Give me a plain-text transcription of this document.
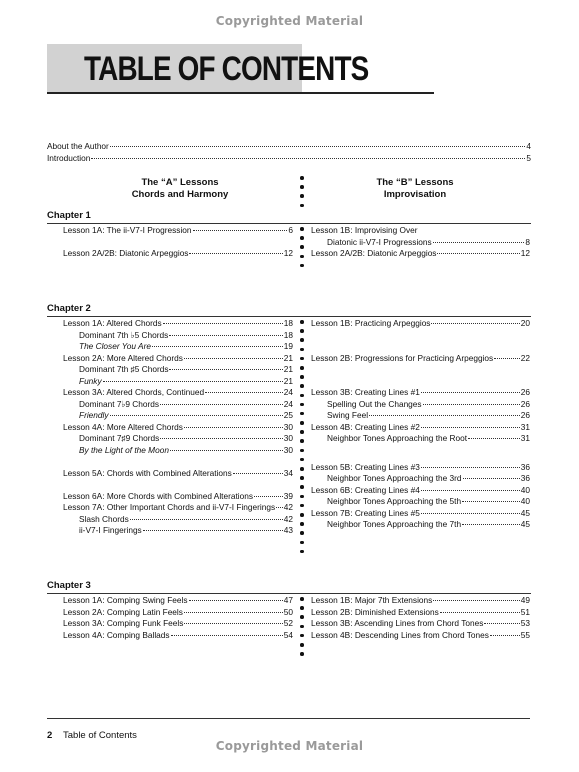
Copyrighted Material
TABLE OF CONTENTS
About the Author	4
Introduction	5
The “A” Lessons
Chords and Harmony
The “B” Lessons
Improvisation
Chapter 1
Lesson 1A: The ii-V7-I Progression	6
Lesson 2A/2B: Diatonic Arpeggios	12
Lesson 1B: Improvising Over
Diatonic ii-V7-I Progressions	8
Lesson 2A/2B: Diatonic Arpeggios	12
Chapter 2
Lesson 1A: Altered Chords	18
Dominant 7th ♭5 Chords	18
The Closer You Are	19
Lesson 2A: More Altered Chords	21
Dominant 7th ♯5 Chords	21
Funky	21
Lesson 3A: Altered Chords, Continued	24
Dominant 7♭9 Chords	24
Friendly	25
Lesson 4A: More Altered Chords	30
Dominant 7♯9 Chords	30
By the Light of the Moon	30
Lesson 5A: Chords with Combined Alterations	34
Lesson 6A: More Chords with Combined Alterations	39
Lesson 7A: Other Important Chords and ii-V7-I Fingerings 42
Slash Chords	42
ii-V7-I Fingerings	43
Lesson 1B: Practicing Arpeggios	20
Lesson 2B: Progressions for Practicing Arpeggios	22
Lesson 3B: Creating Lines #1	26
Spelling Out the Changes	26
Swing Feel	26
Lesson 4B: Creating Lines #2	31
Neighbor Tones Approaching the Root	31
Lesson 5B: Creating Lines #3	36
Neighbor Tones Approaching the 3rd	36
Lesson 6B: Creating Lines #4	40
Neighbor Tones Approaching the 5th	40
Lesson 7B: Creating Lines #5	45
Neighbor Tones Approaching the 7th	45
Chapter 3
Lesson 1A: Comping Swing Feels	47
Lesson 2A: Comping Latin Feels	50
Lesson 3A: Comping Funk Feels	52
Lesson 4A: Comping Ballads	54
Lesson 1B: Major 7th Extensions	49
Lesson 2B: Diminished Extensions	51
Lesson 3B: Ascending Lines from Chord Tones	53
Lesson 4B: Descending Lines from Chord Tones	55
2 Table of Contents
Copyrighted Material
